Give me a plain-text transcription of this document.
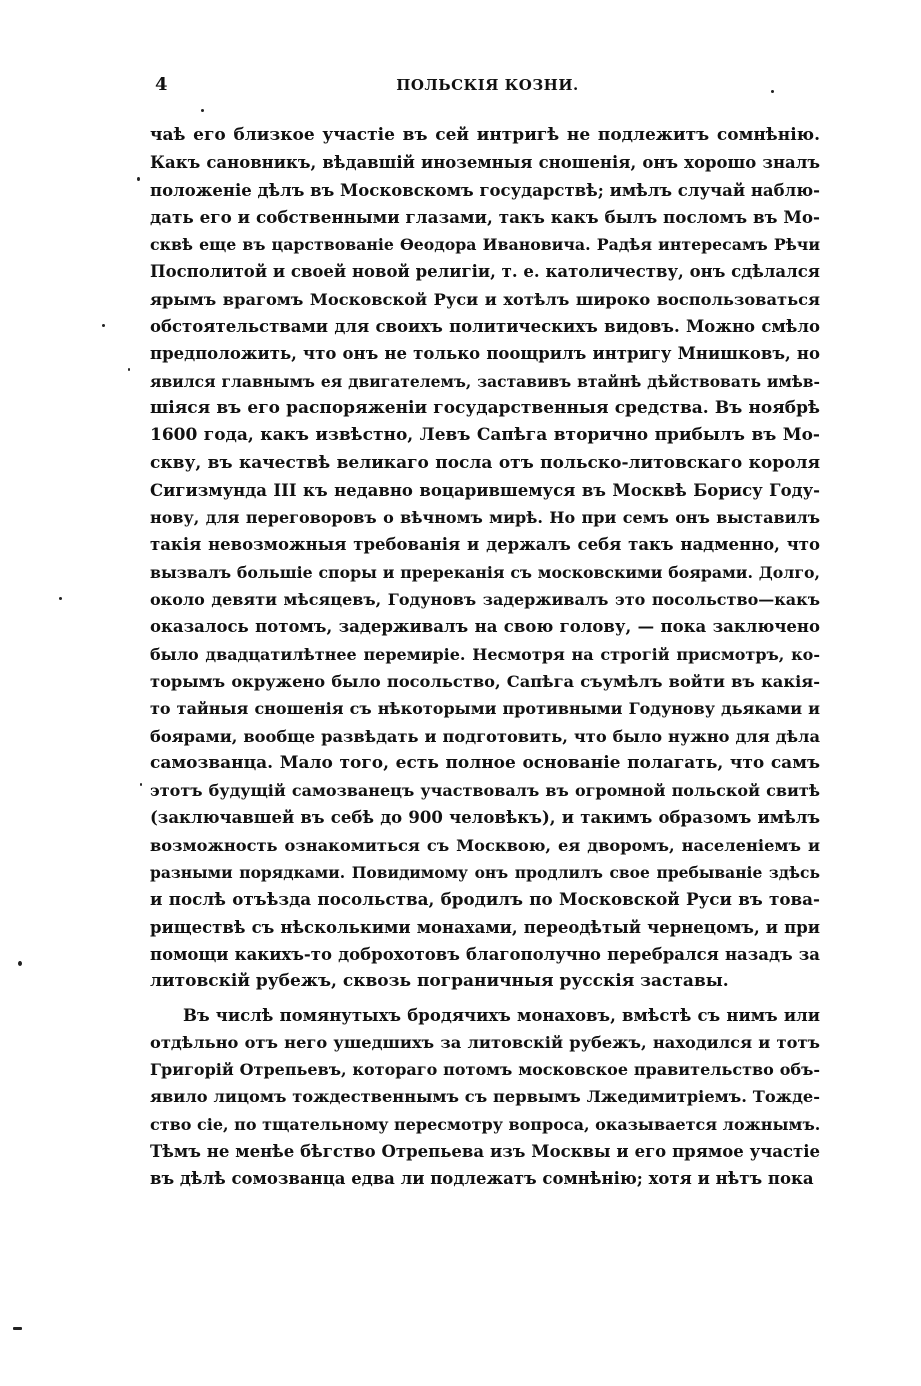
4	ПОЛЬСКІЯ КОЗНИ.
чаѣ его близкое участіе въ сей интригѣ не подлежитъ сомнѣнію.
Какъ сановникъ, вѣдавшій иноземныя сношенія, онъ хорошо зналъ
положеніе дѣлъ въ Московскомъ государствѣ; имѣлъ случай наблю-
дать его и собственными глазами, такъ какъ былъ посломъ въ Мо-
сквѣ еще въ царствованіе Ѳеодора Ивановича. Радѣя интересамъ Рѣчи
Посполитой и своей новой религіи, т. е. католичеству, онъ сдѣлался
ярымъ врагомъ Московской Руси и хотѣлъ широко воспользоваться
обстоятельствами для своихъ политическихъ видовъ. Можно смѣло
предположить, что онъ не только поощрилъ интригу Мнишковъ, но
явился главнымъ ея двигателемъ, заставивъ втайнѣ дѣйствовать имѣв-
шіяся въ его распоряженіи государственныя средства. Въ ноябрѣ
1600 года, какъ извѣстно, Левъ Сапѣга вторично прибылъ въ Мо-
скву, въ качествѣ великаго посла отъ польско-литовскаго короля
Сигизмунда III къ недавно воцарившемуся въ Москвѣ Борису Году-
нову, для переговоровъ о вѣчномъ мирѣ. Но при семъ онъ выставилъ
такія невозможныя требованія и держалъ себя такъ надменно, что
вызвалъ большіе споры и пререканія съ московскими боярами. Долго,
около девяти мѣсяцевъ, Годуновъ задерживалъ это посольство—какъ
оказалось потомъ, задерживалъ на свою голову, — пока заключено
было двадцатилѣтнее перемиріе. Несмотря на строгій присмотръ, ко-
торымъ окружено было посольство, Сапѣга съумѣлъ войти въ какія-
то тайныя сношенія съ нѣкоторыми противными Годунову дьяками и
боярами, вообще развѣдать и подготовить, что было нужно для дѣла
самозванца. Мало того, есть полное основаніе полагать, что самъ
этотъ будущій самозванецъ участвовалъ въ огромной польской свитѣ
(заключавшей въ себѣ до 900 человѣкъ), и такимъ образомъ имѣлъ
возможность ознакомиться съ Москвою, ея дворомъ, населеніемъ и
разными порядками. Повидимому онъ продлилъ свое пребываніе здѣсь
и послѣ отъѣзда посольства, бродилъ по Московской Руси въ това-
риществѣ съ нѣсколькими монахами, переодѣтый чернецомъ, и при
помощи какихъ-то доброхотовъ благополучно перебрался назадъ за
литовскій рубежъ, сквозь пограничныя русскія заставы.
Въ числѣ помянутыхъ бродячихъ монаховъ, вмѣстѣ съ нимъ или
отдѣльно отъ него ушедшихъ за литовскій рубежъ, находился и тотъ
Григорій Отрепьевъ, котораго потомъ московское правительство объ-
явило лицомъ тождественнымъ съ первымъ Лжедимитріемъ. Тожде-
ство сіе, по тщательному пересмотру вопроса, оказывается ложнымъ.
Тѣмъ не менѣе бѣгство Отрепьева изъ Москвы и его прямое участіе
въ дѣлѣ сомозванца едва ли подлежатъ сомнѣнію; хотя и нѣтъ пока
